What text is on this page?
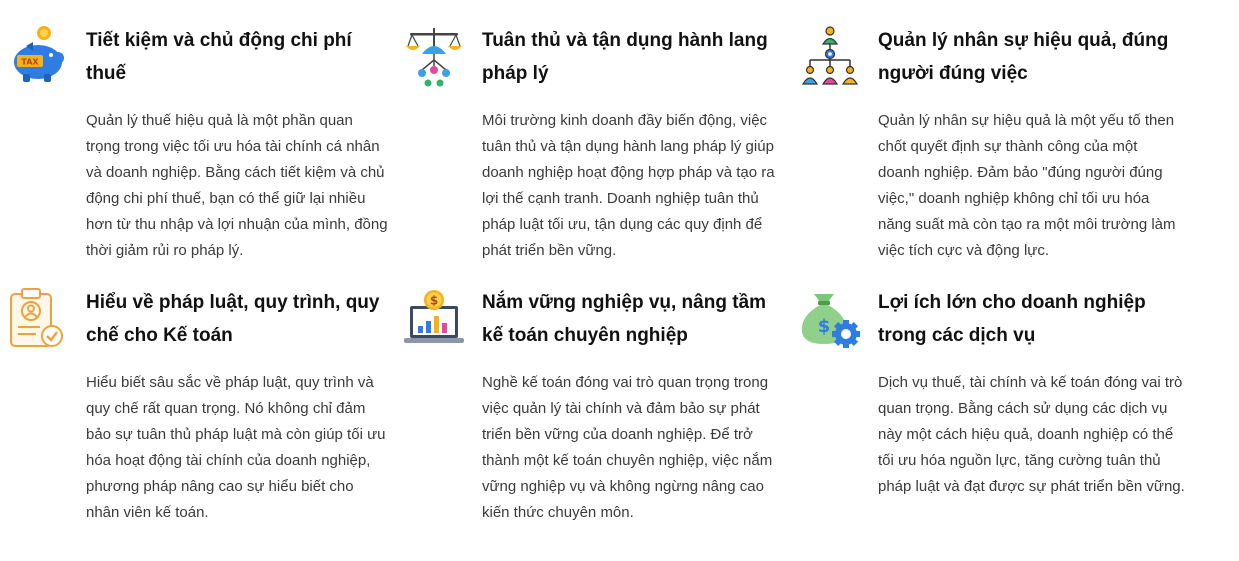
TAX
Tiết kiệm và chủ động chi phí thuế

Quản lý thuế hiệu quả là một phần quan trọng trong việc tối ưu hóa tài chính cá nhân và doanh nghiệp. Bằng cách tiết kiệm và chủ động chi phí thuế, bạn có thể giữ lại nhiều hơn từ thu nhập và lợi nhuận của mình, đồng thời giảm rủi ro pháp lý.

Tuân thủ và tận dụng hành lang pháp lý

Môi trường kinh doanh đầy biến động, việc tuân thủ và tận dụng hành lang pháp lý giúp doanh nghiệp hoạt động hợp pháp và tạo ra lợi thế cạnh tranh. Doanh nghiệp tuân thủ pháp luật tối ưu, tận dụng các quy định để phát triển bền vững.

Quản lý nhân sự hiệu quả, đúng người đúng việc

Quản lý nhân sự hiệu quả là một yếu tố then chốt quyết định sự thành công của một doanh nghiệp. Đảm bảo "đúng người đúng việc," doanh nghiệp không chỉ tối ưu hóa năng suất mà còn tạo ra một môi trường làm việc tích cực và động lực.

Hiểu về pháp luật, quy trình, quy chế cho Kế toán

Hiểu biết sâu sắc về pháp luật, quy trình và quy chế rất quan trọng. Nó không chỉ đảm bảo sự tuân thủ pháp luật mà còn giúp tối ưu hóa hoạt động tài chính của doanh nghiệp, phương pháp nâng cao sự hiểu biết cho nhân viên kế toán.

$ Nắm vững nghiệp vụ, nâng tầm kế toán chuyên nghiệp

Nghề kế toán đóng vai trò quan trọng trong việc quản lý tài chính và đảm bảo sự phát triển bền vững của doanh nghiệp. Để trở thành một kế toán chuyên nghiệp, việc nắm vững nghiệp vụ và không ngừng nâng cao kiến thức chuyên môn.

$
Lợi ích lớn cho doanh nghiệp trong các dịch vụ

Dịch vụ thuế, tài chính và kế toán đóng vai trò quan trọng. Bằng cách sử dụng các dịch vụ này một cách hiệu quả, doanh nghiệp có thể tối ưu hóa nguồn lực, tăng cường tuân thủ pháp luật và đạt được sự phát triển bền vững.
